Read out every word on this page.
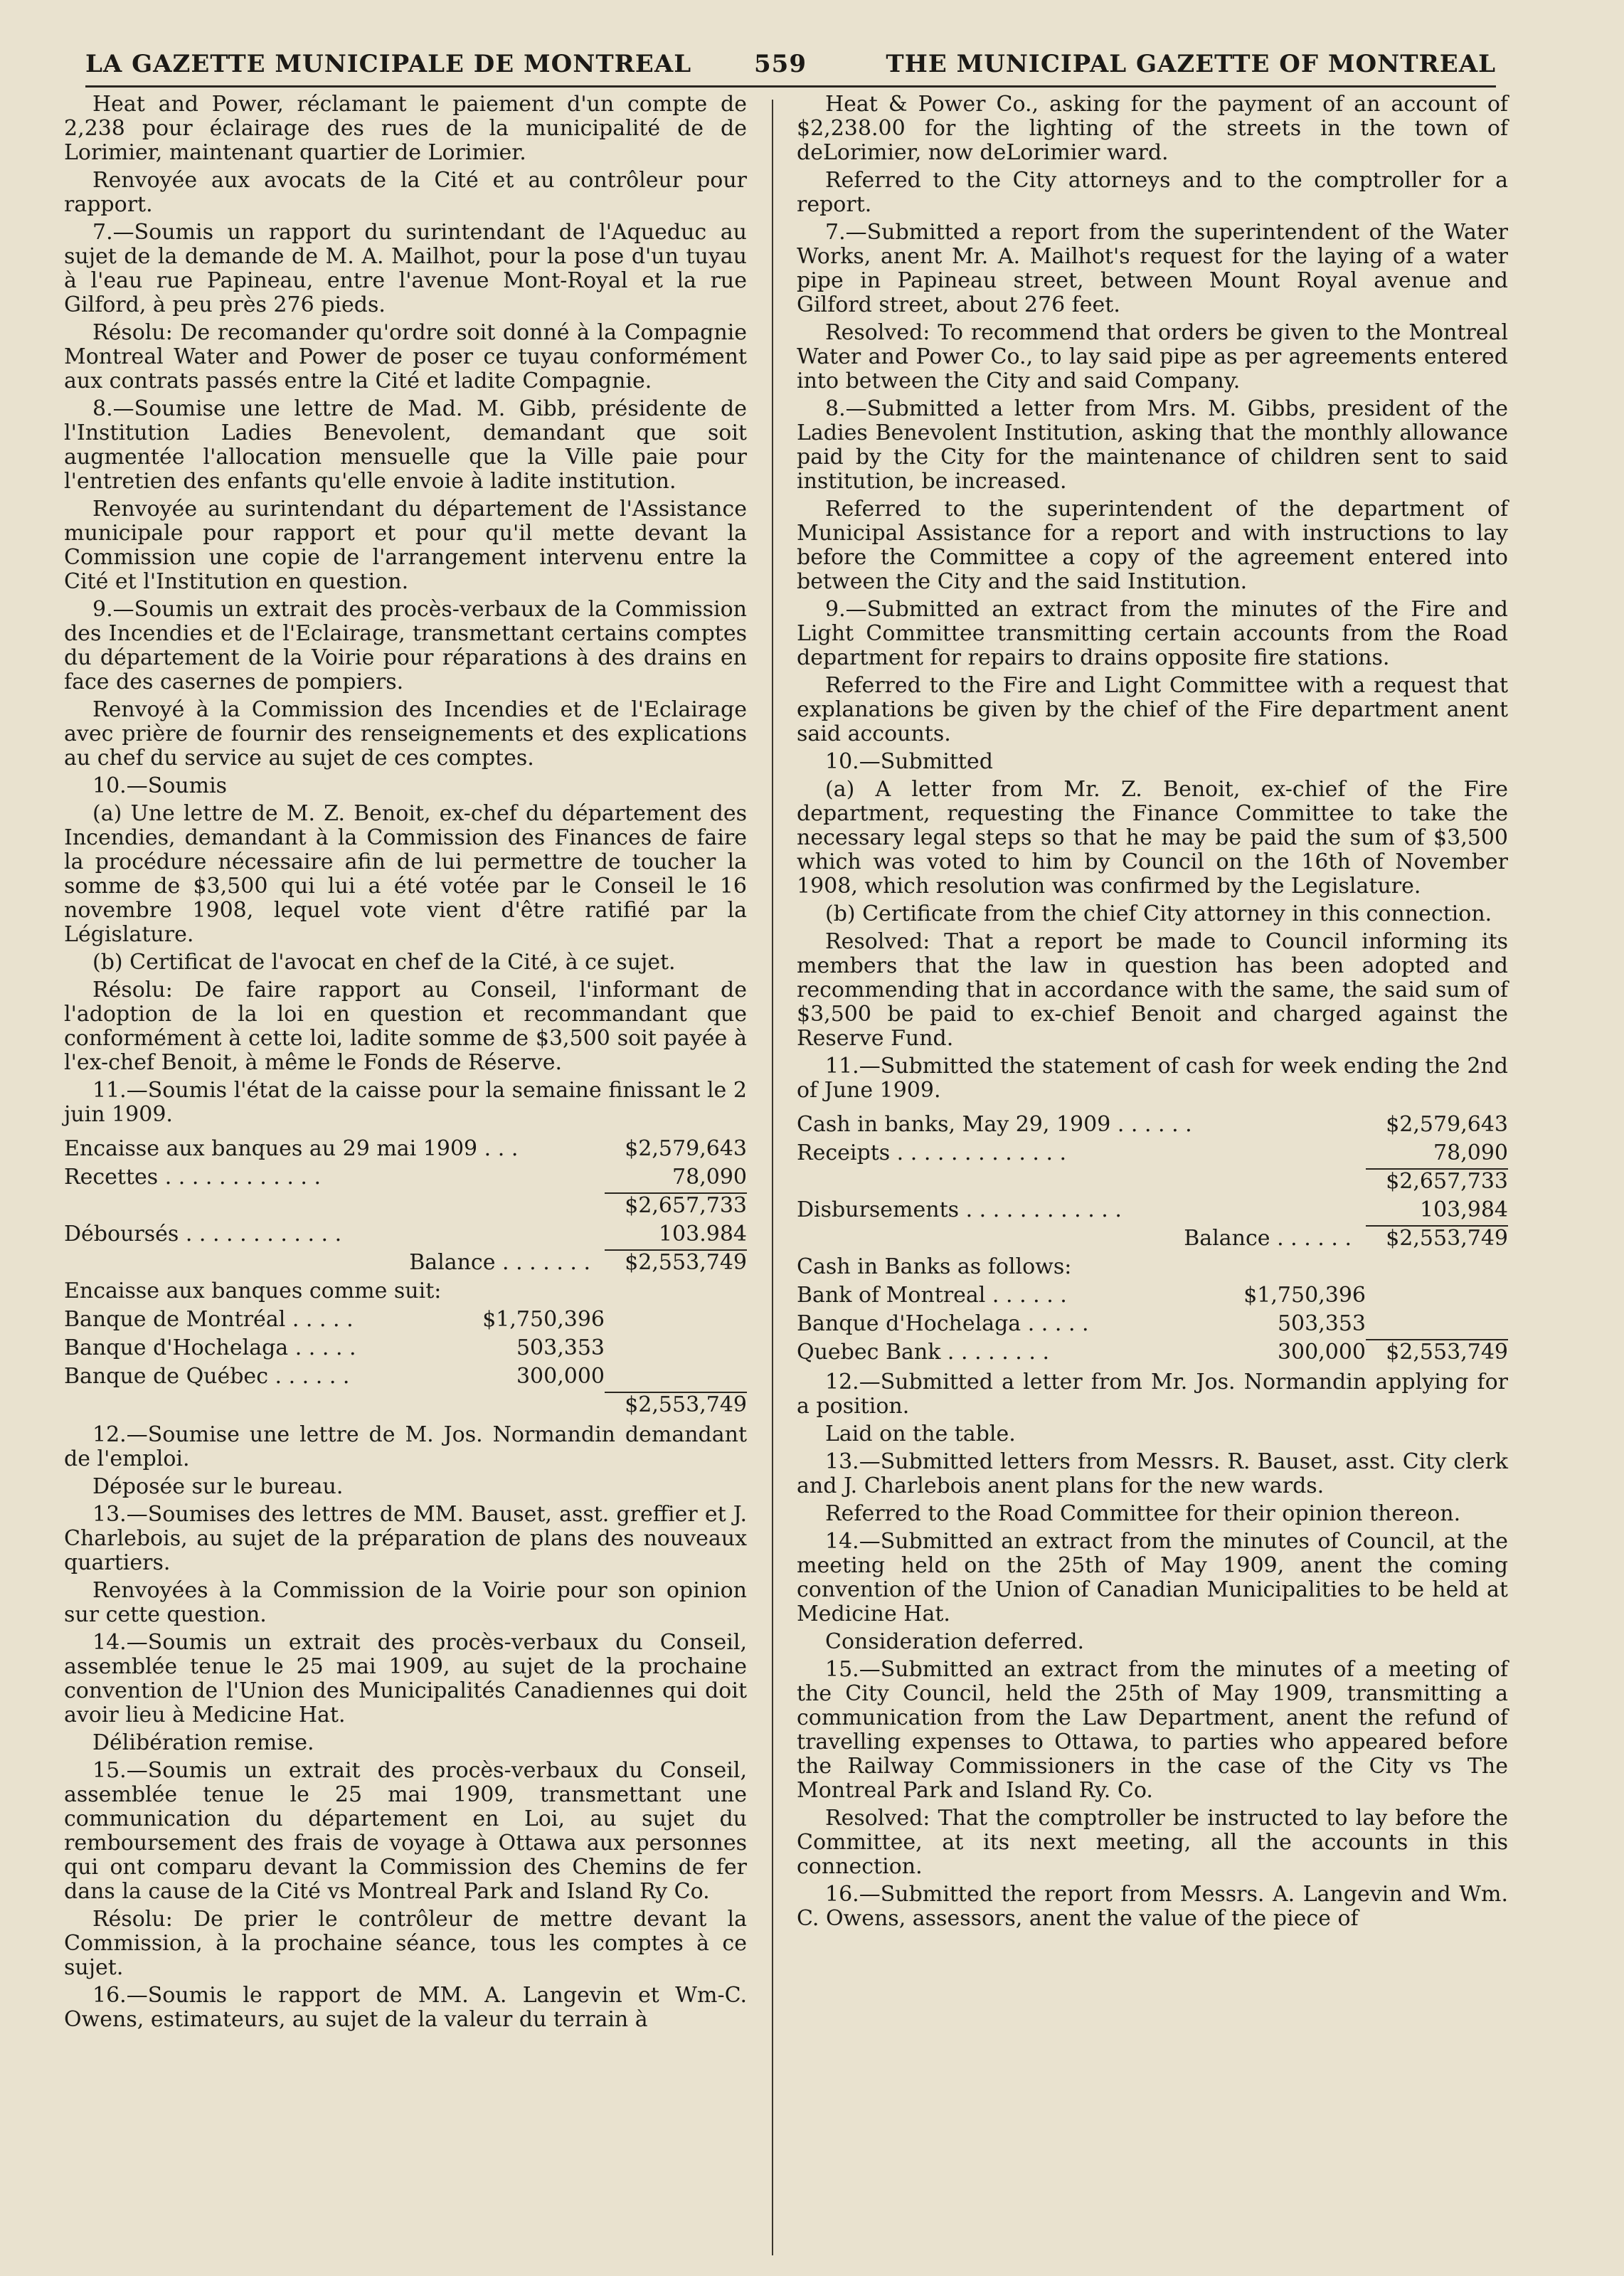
LA GAZETTE MUNICIPALE DE MONTREAL	559	THE MUNICIPAL GAZETTE OF MONTREAL

Heat and Power, réclamant le paiement d'un compte de 2,238 pour éclairage des rues de la municipalité de de Lorimier, maintenant quartier de Lorimier.

Renvoyée aux avocats de la Cité et au contrôleur pour rapport.

7.—Soumis un rapport du surintendant de l'Aqueduc au sujet de la demande de M. A. Mailhot, pour la pose d'un tuyau à l'eau rue Papineau, entre l'avenue Mont-Royal et la rue Gilford, à peu près 276 pieds.

Résolu: De recomander qu'ordre soit donné à la Compagnie Montreal Water and Power de poser ce tuyau conformément aux contrats passés entre la Cité et ladite Compagnie.

8.—Soumise une lettre de Mad. M. Gibb, présidente de l'Institution Ladies Benevolent, demandant que soit augmentée l'allocation mensuelle que la Ville paie pour l'entretien des enfants qu'elle envoie à ladite institution.

Renvoyée au surintendant du département de l'Assistance municipale pour rapport et pour qu'il mette devant la Commission une copie de l'arrangement intervenu entre la Cité et l'Institution en question.

9.—Soumis un extrait des procès-verbaux de la Commission des Incendies et de l'Eclairage, transmettant certains comptes du département de la Voirie pour réparations à des drains en face des casernes de pompiers.

Renvoyé à la Commission des Incendies et de l'Eclairage avec prière de fournir des renseignements et des explications au chef du service au sujet de ces comptes.

10.—Soumis

(a) Une lettre de M. Z. Benoit, ex-chef du département des Incendies, demandant à la Commission des Finances de faire la procédure nécessaire afin de lui permettre de toucher la somme de $3,500 qui lui a été votée par le Conseil le 16 novembre 1908, lequel vote vient d'être ratifié par la Législature.

(b) Certificat de l'avocat en chef de la Cité, à ce sujet.

Résolu: De faire rapport au Conseil, l'informant de l'adoption de la loi en question et recommandant que conformément à cette loi, ladite somme de $3,500 soit payée à l'ex-chef Benoit, à même le Fonds de Réserve.

11.—Soumis l'état de la caisse pour la semaine finissant le 2 juin 1909.

Encaisse aux banques au 29 mai 1909 . . .	$2,579,643
Recettes . . . . . . . . . . . .	78,090
$2,657,733
Déboursés . . . . . . . . . . . .	103.984
Balance . . . . . . .	$2,553,749
Encaisse aux banques comme suit:
Banque de Montréal . . . . .	$1,750,396
Banque d'Hochelaga . . . . .	503,353
Banque de Québec . . . . . .	300,000
$2,553,749

12.—Soumise une lettre de M. Jos. Normandin demandant de l'emploi.

Déposée sur le bureau.

13.—Soumises des lettres de MM. Bauset, asst. greffier et J. Charlebois, au sujet de la préparation de plans des nouveaux quartiers.

Renvoyées à la Commission de la Voirie pour son opinion sur cette question.

14.—Soumis un extrait des procès-verbaux du Conseil, assemblée tenue le 25 mai 1909, au sujet de la prochaine convention de l'Union des Municipalités Canadiennes qui doit avoir lieu à Medicine Hat.

Délibération remise.

15.—Soumis un extrait des procès-verbaux du Conseil, assemblée tenue le 25 mai 1909, transmettant une communication du département en Loi, au sujet du remboursement des frais de voyage à Ottawa aux personnes qui ont comparu devant la Commission des Chemins de fer dans la cause de la Cité vs Montreal Park and Island Ry Co.

Résolu: De prier le contrôleur de mettre devant la Commission, à la prochaine séance, tous les comptes à ce sujet.

16.—Soumis le rapport de MM. A. Langevin et Wm-C. Owens, estimateurs, au sujet de la valeur du terrain à

Heat & Power Co., asking for the payment of an account of $2,238.00 for the lighting of the streets in the town of deLorimier, now deLorimier ward.

Referred to the City attorneys and to the comptroller for a report.

7.—Submitted a report from the superintendent of the Water Works, anent Mr. A. Mailhot's request for the laying of a water pipe in Papineau street, between Mount Royal avenue and Gilford street, about 276 feet.

Resolved: To recommend that orders be given to the Montreal Water and Power Co., to lay said pipe as per agreements entered into between the City and said Company.

8.—Submitted a letter from Mrs. M. Gibbs, president of the Ladies Benevolent Institution, asking that the monthly allowance paid by the City for the maintenance of children sent to said institution, be increased.

Referred to the superintendent of the department of Municipal Assistance for a report and with instructions to lay before the Committee a copy of the agreement entered into between the City and the said Institution.

9.—Submitted an extract from the minutes of the Fire and Light Committee transmitting certain accounts from the Road department for repairs to drains opposite fire stations.

Referred to the Fire and Light Committee with a request that explanations be given by the chief of the Fire department anent said accounts.

10.—Submitted

(a) A letter from Mr. Z. Benoit, ex-chief of the Fire department, requesting the Finance Committee to take the necessary legal steps so that he may be paid the sum of $3,500 which was voted to him by Council on the 16th of November 1908, which resolution was confirmed by the Legislature.

(b) Certificate from the chief City attorney in this connection.

Resolved: That a report be made to Council informing its members that the law in question has been adopted and recommending that in accordance with the same, the said sum of $3,500 be paid to ex-chief Benoit and charged against the Reserve Fund.

11.—Submitted the statement of cash for week ending the 2nd of June 1909.

Cash in banks, May 29, 1909 . . . . . .	$2,579,643
Receipts . . . . . . . . . . . . .	78,090
$2,657,733
Disbursements . . . . . . . . . . . .	103,984
Balance . . . . . .	$2,553,749
Cash in Banks as follows:
Bank of Montreal . . . . . .	$1,750,396
Banque d'Hochelaga . . . . .	503,353
Quebec Bank . . . . . . . .	300,000 $2,553,749

12.—Submitted a letter from Mr. Jos. Normandin applying for a position.

Laid on the table.

13.—Submitted letters from Messrs. R. Bauset, asst. City clerk and J. Charlebois anent plans for the new wards.

Referred to the Road Committee for their opinion thereon.

14.—Submitted an extract from the minutes of Council, at the meeting held on the 25th of May 1909, anent the coming convention of the Union of Canadian Municipalities to be held at Medicine Hat.

Consideration deferred.

15.—Submitted an extract from the minutes of a meeting of the City Council, held the 25th of May 1909, transmitting a communication from the Law Department, anent the refund of travelling expenses to Ottawa, to parties who appeared before the Railway Commissioners in the case of the City vs The Montreal Park and Island Ry. Co.

Resolved: That the comptroller be instructed to lay before the Committee, at its next meeting, all the accounts in this connection.

16.—Submitted the report from Messrs. A. Langevin and Wm. C. Owens, assessors, anent the value of the piece of
